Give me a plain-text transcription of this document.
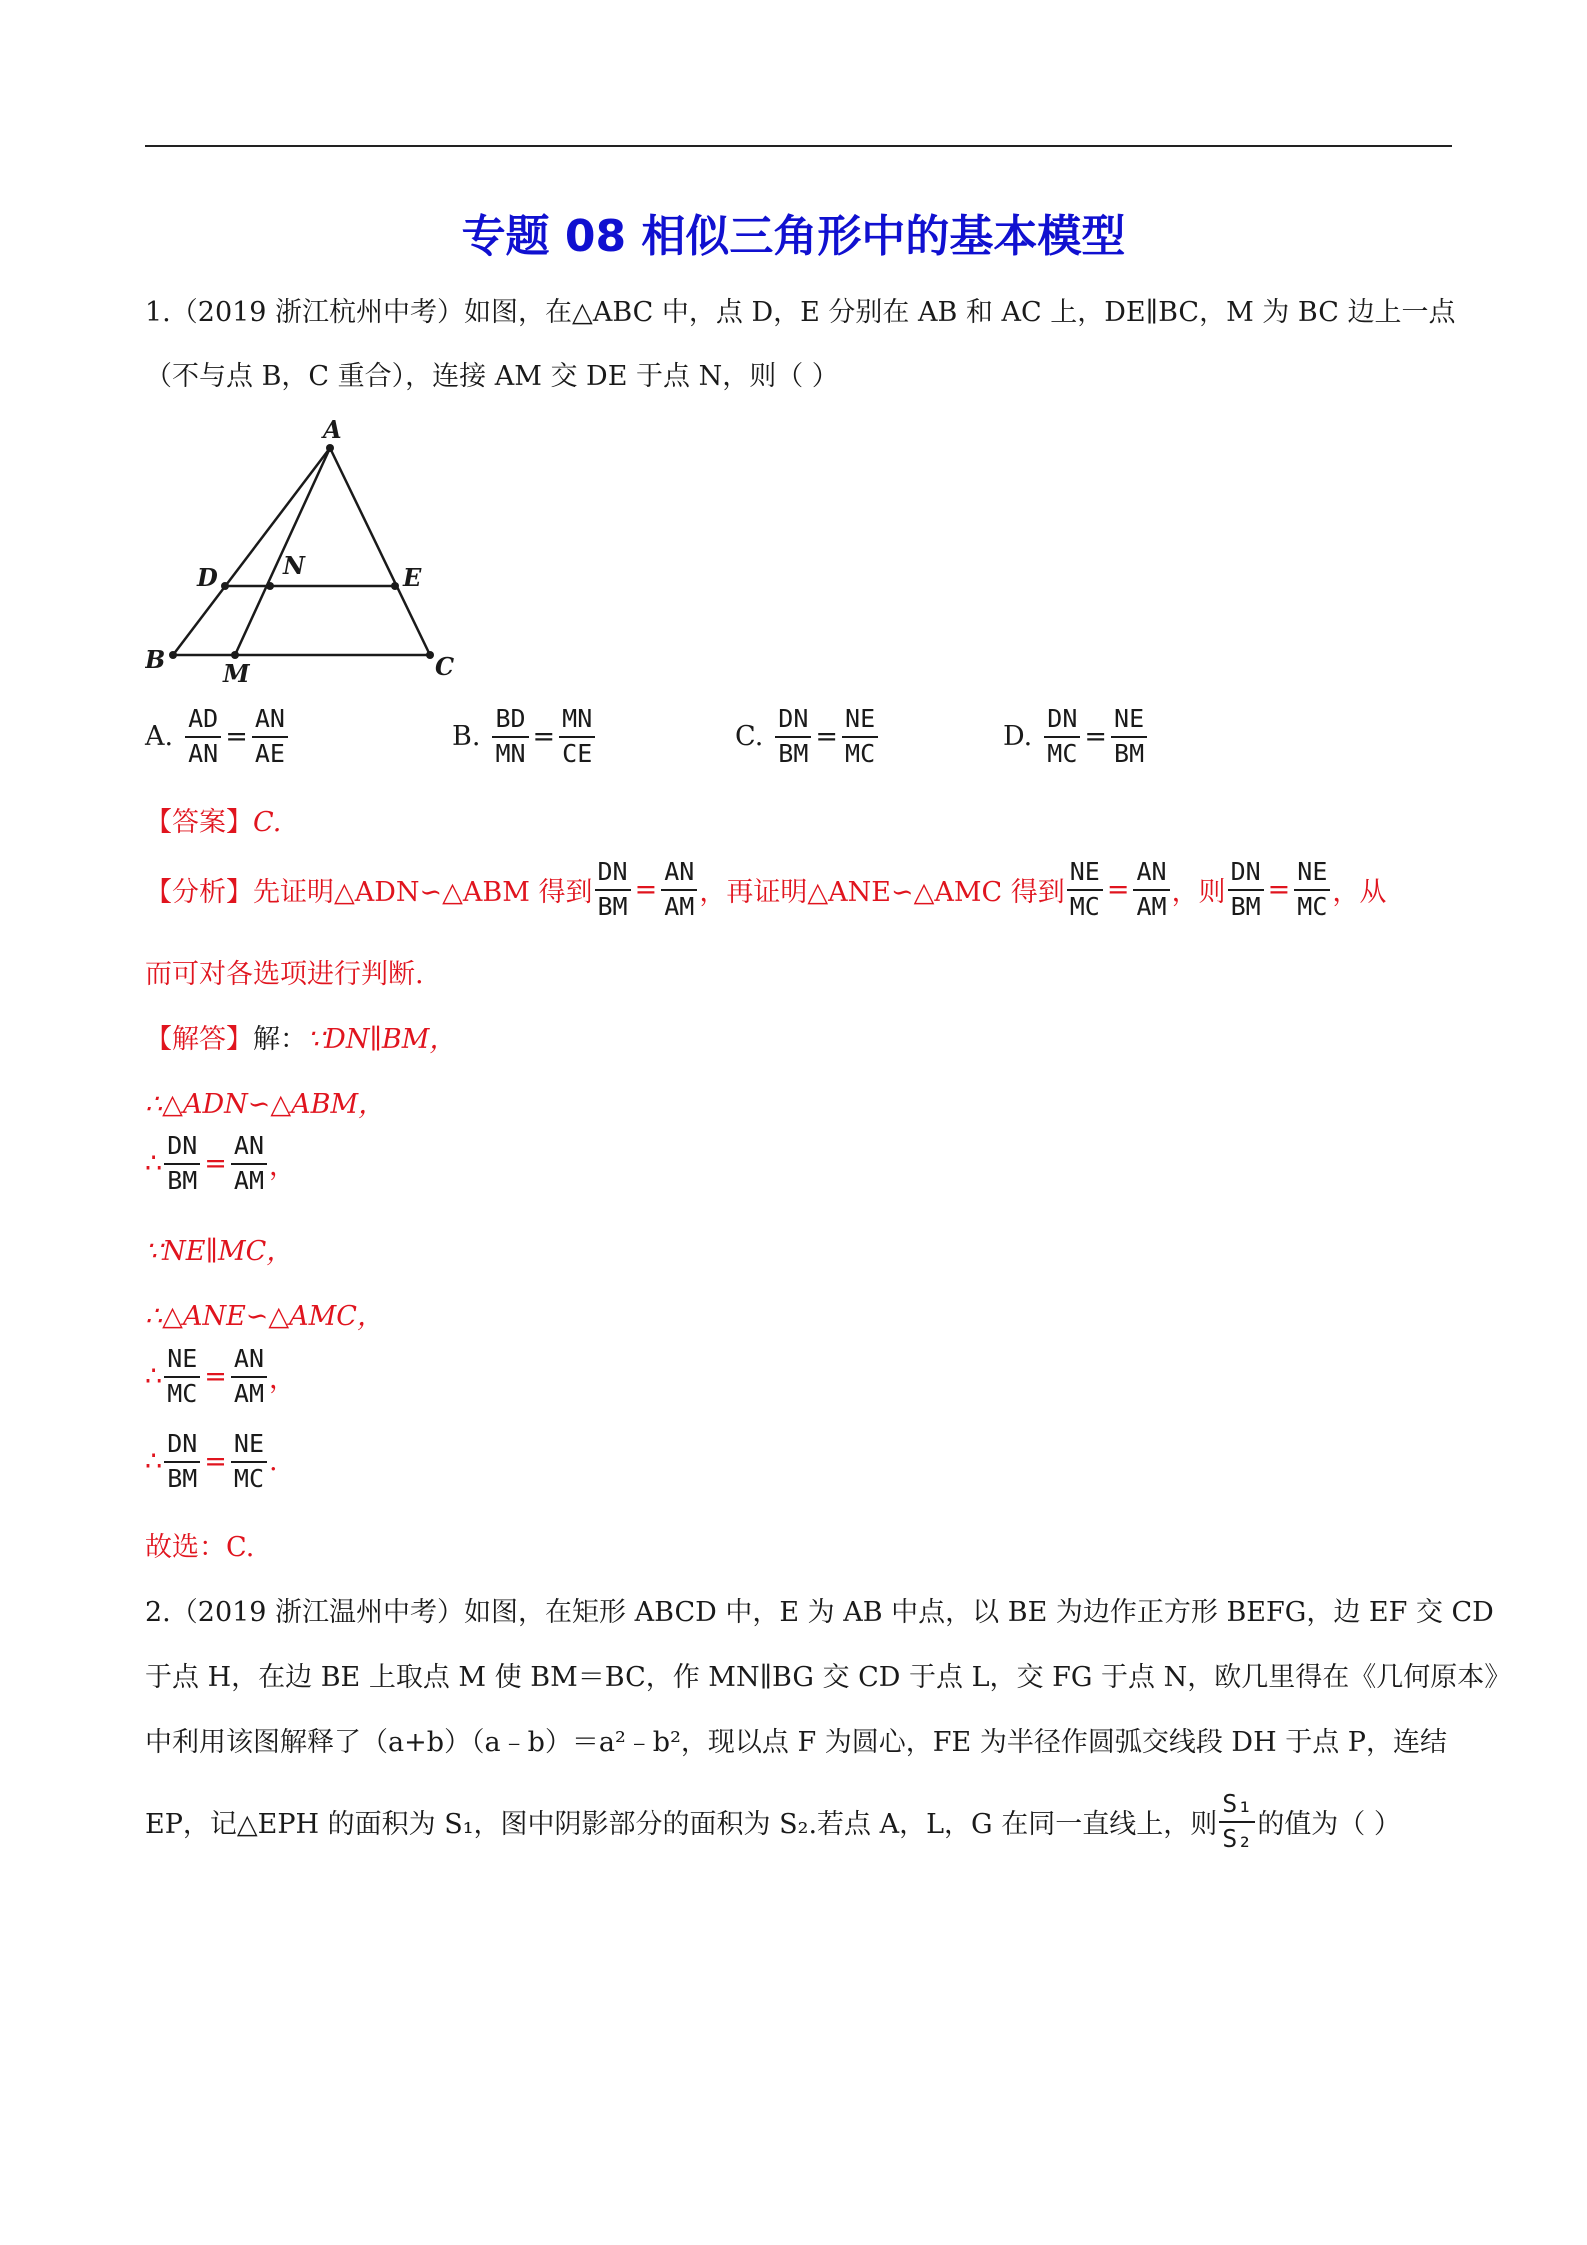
专题 08 相似三角形中的基本模型
1.（2019 浙江杭州中考）如图，在△ABC 中，点 D，E 分别在 AB 和 AC 上，DE∥BC，M 为 BC 边上一点
（不与点 B，C 重合），连接 AM 交 DE 于点 N，则（ ）
A
D	N	E
B M	C
A. $\frac{AD}{AN} = \frac{AN}{AE}$	B. $\frac{BD}{MN} = \frac{MN}{CE}$	C. $\frac{DN}{BM} = \frac{NE}{MC}$	D. $\frac{DN}{MC} = \frac{NE}{BM}$
【答案】C.
【分析】 先证明△ADN∽△ABM 得到 $\frac{DN}{BM} = \frac{AN}{AM}$ ，再证明△ANE∽△AMC 得到 $\frac{NE}{MC} = \frac{AN}{AM}$ ，则 $\frac{DN}{BM} = \frac{NE}{MC}$ ，从
而可对各选项进行判断.
【解答】解：∵DN∥BM，
∴△ADN∽△ABM，
∴ $\frac{DN}{BM} = \frac{AN}{AM}$ ，
∵NE∥MC，
∴△ANE∽△AMC，
∴ $\frac{NE}{MC} = \frac{AN}{AM}$ ，
∴ $\frac{DN}{BM} = \frac{NE}{MC}$ .
故选：C.
2.（2019 浙江温州中考）如图，在矩形 ABCD 中，E 为 AB 中点，以 BE 为边作正方形 BEFG，边 EF 交 CD
于点 H，在边 BE 上取点 M 使 BM＝BC，作 MN∥BG 交 CD 于点 L，交 FG 于点 N，欧几里得在《几何原本》
中利用该图解释了（a+b）（a﹣b）＝a²﹣b²，现以点 F 为圆心，FE 为半径作圆弧交线段 DH 于点 P，连结
EP，记△EPH 的面积为 S₁，图中阴影部分的面积为 S₂.若点 A，L，G 在同一直线上，则 $\frac{\text{S₁}}{\text{S₂}}$ 的值为（ ）
